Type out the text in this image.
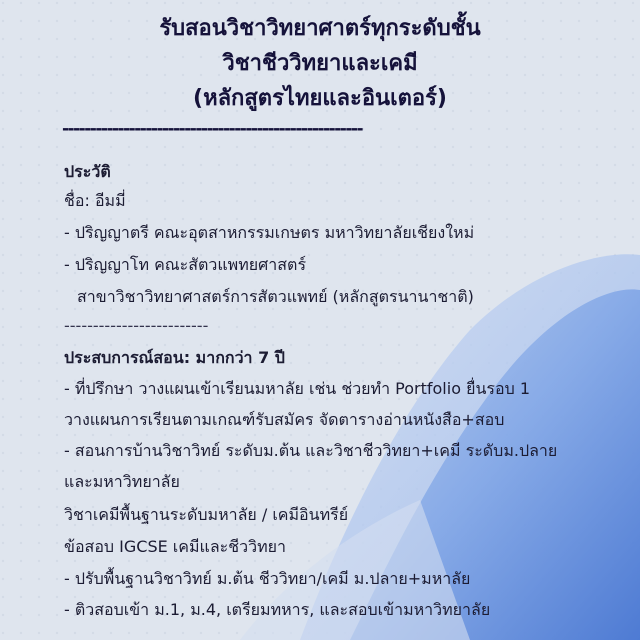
รับสอนวิชาวิทยาศาตร์ทุกระดับชั้น
วิชาชีววิทยาและเคมี
(หลักสูตรไทยและอินเตอร์)
------------------------------------------------------
ประวัติ
ชื่อ: อีมมี่
- ปริญญาตรี คณะอุตสาหกรรมเกษตร มหาวิทยาลัยเชียงใหม่
- ปริญญาโท คณะสัตวแพทยศาสตร์
สาขาวิชาวิทยาศาสตร์การสัตวแพทย์ (หลักสูตรนานาชาติ)
-------------------------
ประสบการณ์สอน: มากกว่า 7 ปี
- ที่ปรึกษา วางแผนเข้าเรียนมหาลัย เช่น ช่วยทำ Portfolio ยื่นรอบ 1
วางแผนการเรียนตามเกณฑ์รับสมัคร จัดตารางอ่านหนังสือ+สอบ
- สอนการบ้านวิชาวิทย์ ระดับม.ต้น และวิชาชีววิทยา+เคมี ระดับม.ปลาย
และมหาวิทยาลัย
วิชาเคมีพื้นฐานระดับมหาลัย / เคมีอินทรีย์
ข้อสอบ IGCSE เคมีและชีววิทยา
- ปรับพื้นฐานวิชาวิทย์ ม.ต้น ชีววิทยา/เคมี ม.ปลาย+มหาลัย
- ติวสอบเข้า ม.1, ม.4, เตรียมทหาร, และสอบเข้ามหาวิทยาลัย
